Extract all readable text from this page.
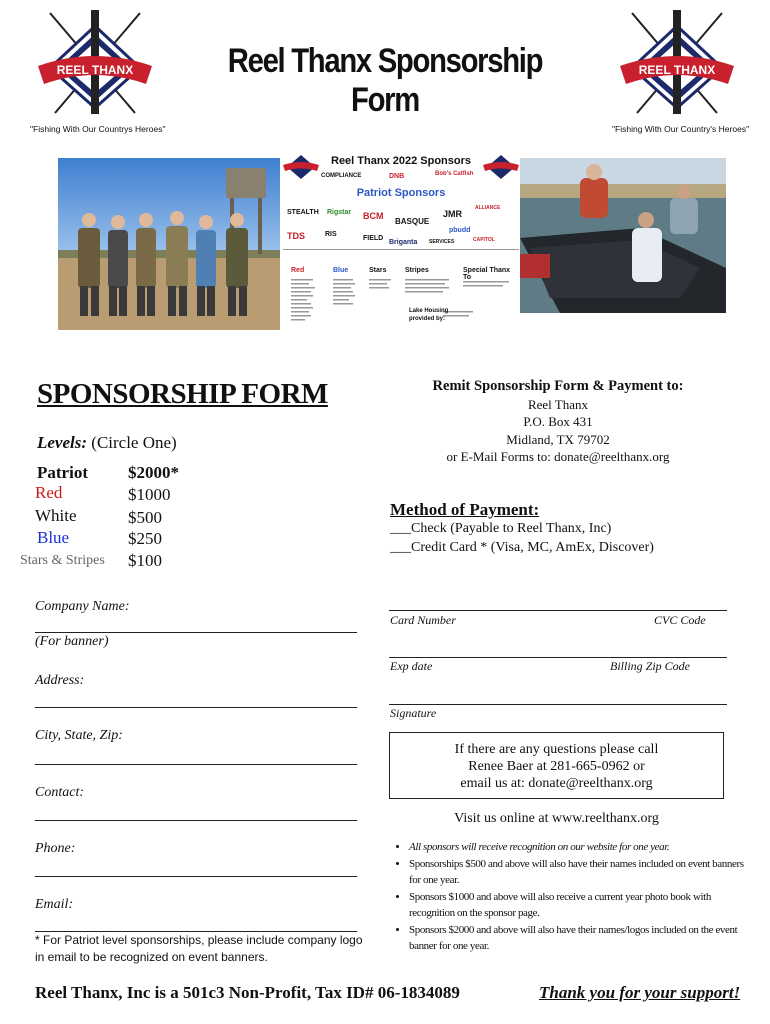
REEL THANX
"Fishing With Our Countrys Heroes"
Reel Thanx Sponsorship Form
REEL THANX
"Fishing With Our Country's Heroes"
Reel Thanx 2022 Sponsors
COMPLIANCE	DNB	Bob's Catfish
Patriot Sponsors
STEALTH Rigstar BCM
BASQUE
JMR
ALLIANCE
TDS	RIS
pbudd
FIELD
Briganta SERVICES	CAPITOL
Red	Blue	Stars	Stripes	Special Thanx To
Lake Housing provided by:
SPONSORSHIP FORM
Levels: (Circle One)
Patriot $2000*
Red	$1000
White	$500
Blue	$250
Stars & Stripes $100
Company Name:
(For banner)
Address:
City, State, Zip:
Contact:
Phone:
Email:
* For Patriot level sponsorships, please include company logo in email to be recognized on event banners.
Remit Sponsorship Form & Payment to:
Reel Thanx
P.O. Box 431
Midland, TX 79702
or E-Mail Forms to: donate@reelthanx.org
Method of Payment:
___Check (Payable to Reel Thanx, Inc)
___Credit Card * (Visa, MC, AmEx, Discover)
Card Number	CVC Code
Exp date	Billing Zip Code
Signature
If there are any questions please call
Renee Baer at 281-665-0962 or
email us at: donate@reelthanx.org
Visit us online at www.reelthanx.org
• All sponsors will receive recognition on our website for one year.
• Sponsorships $500 and above will also have their names included on event banners for one year.
• Sponsors $1000 and above will also receive a current year photo book with recognition on the sponsor page.
• Sponsors $2000 and above will also have their names/logos included on the event banner for one year.
Reel Thanx, Inc is a 501c3 Non-Profit, Tax ID# 06-1834089	Thank you for your support!
